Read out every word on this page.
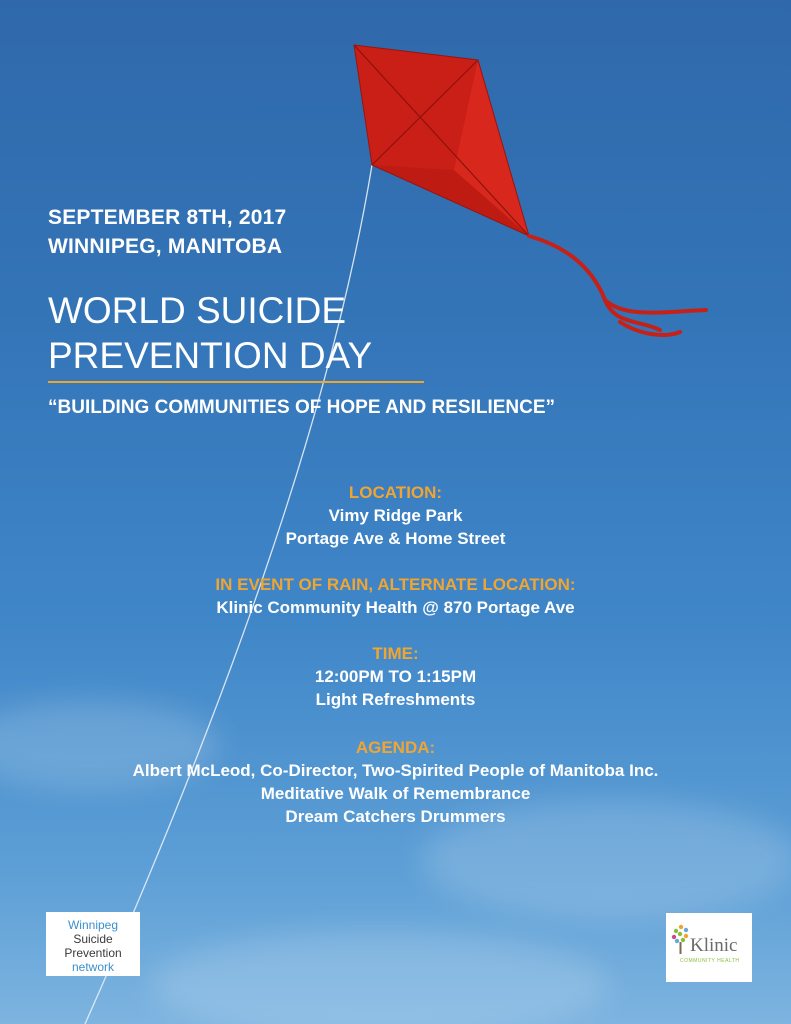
SEPTEMBER 8TH, 2017
WINNIPEG, MANITOBA
WORLD SUICIDE
PREVENTION DAY
“BUILDING COMMUNITIES OF HOPE AND RESILIENCE”
LOCATION:
Vimy Ridge Park
Portage Ave & Home Street
IN EVENT OF RAIN, ALTERNATE LOCATION:
Klinic Community Health @ 870 Portage Ave
TIME:
12:00PM TO 1:15PM
Light Refreshments
AGENDA:
Albert McLeod, Co-Director, Two-Spirited People of Manitoba Inc.
Meditative Walk of Remembrance
Dream Catchers Drummers
Winnipeg
Suicide Prevention
network
Klinic
COMMUNITY HEALTH
